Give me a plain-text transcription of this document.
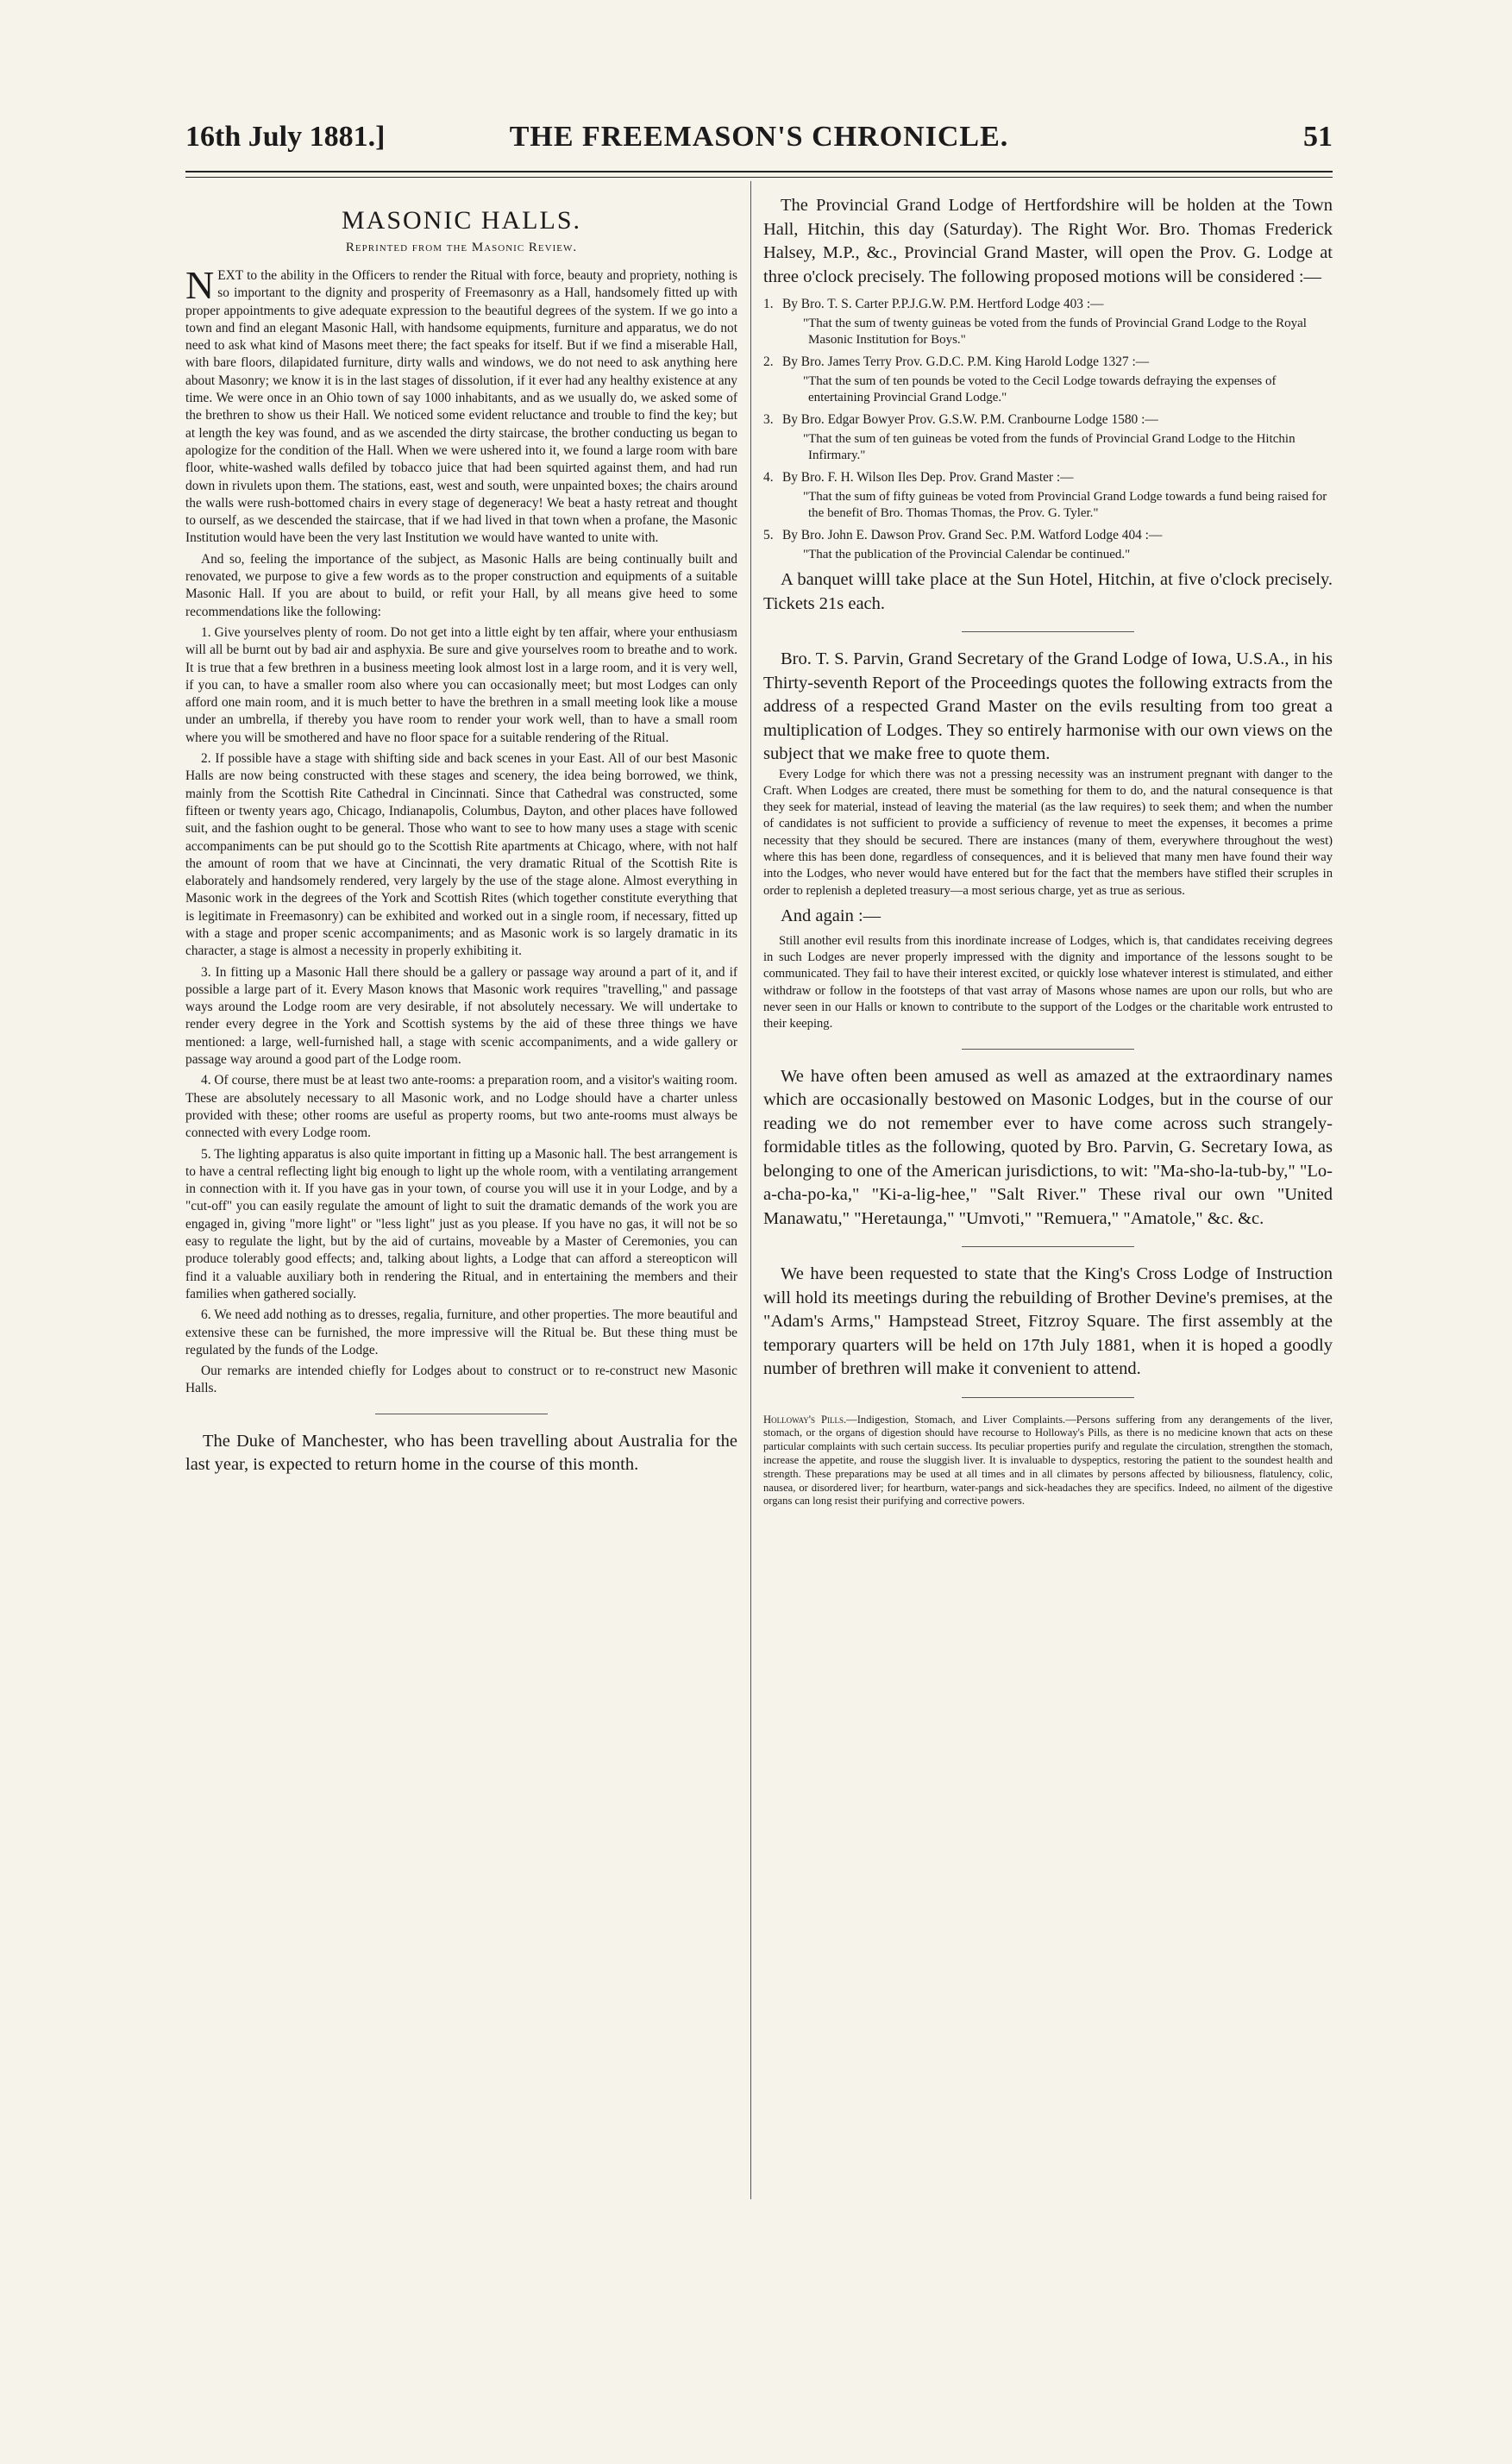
16th July 1881.]	THE FREEMASON'S CHRONICLE.	51
MASONIC HALLS.
Reprinted from the Masonic Review.

NEXT to the ability in the Officers to render the Ritual with force, beauty and propriety, nothing is so important to the dignity and prosperity of Freemasonry as a Hall, handsomely fitted up with proper appointments to give adequate expression to the beautiful degrees of the system. If we go into a town and find an elegant Masonic Hall, with handsome equipments, furniture and apparatus, we do not need to ask what kind of Masons meet there; the fact speaks for itself. But if we find a miserable Hall, with bare floors, dilapidated furniture, dirty walls and windows, we do not need to ask anything here about Masonry; we know it is in the last stages of dissolution, if it ever had any healthy existence at any time. We were once in an Ohio town of say 1000 inhabitants, and as we usually do, we asked some of the brethren to show us their Hall. We noticed some evident reluctance and trouble to find the key; but at length the key was found, and as we ascended the dirty staircase, the brother conducting us began to apologize for the condition of the Hall. When we were ushered into it, we found a large room with bare floor, white-washed walls defiled by tobacco juice that had been squirted against them, and had run down in rivulets upon them. The stations, east, west and south, were unpainted boxes; the chairs around the walls were rush-bottomed chairs in every stage of degeneracy! We beat a hasty retreat and thought to ourself, as we descended the staircase, that if we had lived in that town when a profane, the Masonic Institution would have been the very last Institution we would have wanted to unite with.

And so, feeling the importance of the subject, as Masonic Halls are being continually built and renovated, we purpose to give a few words as to the proper construction and equipments of a suitable Masonic Hall. If you are about to build, or refit your Hall, by all means give heed to some recommendations like the following:

1. Give yourselves plenty of room. Do not get into a little eight by ten affair, where your enthusiasm will all be burnt out by bad air and asphyxia. Be sure and give yourselves room to breathe and to work. It is true that a few brethren in a business meeting look almost lost in a large room, and it is very well, if you can, to have a smaller room also where you can occasionally meet; but most Lodges can only afford one main room, and it is much better to have the brethren in a small meeting look like a mouse under an umbrella, if thereby you have room to render your work well, than to have a small room where you will be smothered and have no floor space for a suitable rendering of the Ritual.

2. If possible have a stage with shifting side and back scenes in your East. All of our best Masonic Halls are now being constructed with these stages and scenery, the idea being borrowed, we think, mainly from the Scottish Rite Cathedral in Cincinnati. Since that Cathedral was constructed, some fifteen or twenty years ago, Chicago, Indianapolis, Columbus, Dayton, and other places have followed suit, and the fashion ought to be general. Those who want to see to how many uses a stage with scenic accompaniments can be put should go to the Scottish Rite apartments at Chicago, where, with not half the amount of room that we have at Cincinnati, the very dramatic Ritual of the Scottish Rite is elaborately and handsomely rendered, very largely by the use of the stage alone. Almost everything in Masonic work in the degrees of the York and Scottish Rites (which together constitute everything that is legitimate in Freemasonry) can be exhibited and worked out in a single room, if necessary, fitted up with a stage and proper scenic accompaniments; and as Masonic work is so largely dramatic in its character, a stage is almost a necessity in properly exhibiting it.

3. In fitting up a Masonic Hall there should be a gallery or passage way around a part of it, and if possible a large part of it. Every Mason knows that Masonic work requires "travelling," and passage ways around the Lodge room are very desirable, if not absolutely necessary. We will undertake to render every degree in the York and Scottish systems by the aid of these three things we have mentioned: a large, well-furnished hall, a stage with scenic accompaniments, and a wide gallery or passage way around a good part of the Lodge room.

4. Of course, there must be at least two ante-rooms: a preparation room, and a visitor's waiting room. These are absolutely necessary to all Masonic work, and no Lodge should have a charter unless provided with these; other rooms are useful as property rooms, but two ante-rooms must always be connected with every Lodge room.

5. The lighting apparatus is also quite important in fitting up a Masonic hall. The best arrangement is to have a central reflecting light big enough to light up the whole room, with a ventilating arrangement in connection with it. If you have gas in your town, of course you will use it in your Lodge, and by a "cut-off" you can easily regulate the amount of light to suit the dramatic demands of the work you are engaged in, giving "more light" or "less light" just as you please. If you have no gas, it will not be so easy to regulate the light, but by the aid of curtains, moveable by a Master of Ceremonies, you can produce tolerably good effects; and, talking about lights, a Lodge that can afford a stereopticon will find it a valuable auxiliary both in rendering the Ritual, and in entertaining the members and their families when gathered socially.

6. We need add nothing as to dresses, regalia, furniture, and other properties. The more beautiful and extensive these can be furnished, the more impressive will the Ritual be. But these thing must be regulated by the funds of the Lodge.

Our remarks are intended chiefly for Lodges about to construct or to re-construct new Masonic Halls.

The Duke of Manchester, who has been travelling about Australia for the last year, is expected to return home in the course of this month.

The Provincial Grand Lodge of Hertfordshire will be holden at the Town Hall, Hitchin, this day (Saturday). The Right Wor. Bro. Thomas Frederick Halsey, M.P., &c., Provincial Grand Master, will open the Prov. G. Lodge at three o'clock precisely. The following proposed motions will be considered :—

1. By Bro. T. S. Carter P.P.J.G.W. P.M. Hertford Lodge 403 :—
"That the sum of twenty guineas be voted from the funds of Provincial Grand Lodge to the Royal Masonic Institution for Boys."
2. By Bro. James Terry Prov. G.D.C. P.M. King Harold Lodge 1327 :—
"That the sum of ten pounds be voted to the Cecil Lodge towards defraying the expenses of entertaining Provincial Grand Lodge."
3. By Bro. Edgar Bowyer Prov. G.S.W. P.M. Cranbourne Lodge 1580 :—
"That the sum of ten guineas be voted from the funds of Provincial Grand Lodge to the Hitchin Infirmary."
4. By Bro. F. H. Wilson Iles Dep. Prov. Grand Master :—
"That the sum of fifty guineas be voted from Provincial Grand Lodge towards a fund being raised for the benefit of Bro. Thomas Thomas, the Prov. G. Tyler."
5. By Bro. John E. Dawson Prov. Grand Sec. P.M. Watford Lodge 404 :—
"That the publication of the Provincial Calendar be continued."

A banquet willl take place at the Sun Hotel, Hitchin, at five o'clock precisely. Tickets 21s each.

Bro. T. S. Parvin, Grand Secretary of the Grand Lodge of Iowa, U.S.A., in his Thirty-seventh Report of the Proceedings quotes the following extracts from the address of a respected Grand Master on the evils resulting from too great a multiplication of Lodges. They so entirely harmonise with our own views on the subject that we make free to quote them.

Every Lodge for which there was not a pressing necessity was an instrument pregnant with danger to the Craft. When Lodges are created, there must be something for them to do, and the natural consequence is that they seek for material, instead of leaving the material (as the law requires) to seek them; and when the number of candidates is not sufficient to provide a sufficiency of revenue to meet the expenses, it becomes a prime necessity that they should be secured. There are instances (many of them, everywhere throughout the west) where this has been done, regardless of consequences, and it is believed that many men have found their way into the Lodges, who never would have entered but for the fact that the members have stifled their scruples in order to replenish a depleted treasury—a most serious charge, yet as true as serious.

And again :—

Still another evil results from this inordinate increase of Lodges, which is, that candidates receiving degrees in such Lodges are never properly impressed with the dignity and importance of the lessons sought to be communicated. They fail to have their interest excited, or quickly lose whatever interest is stimulated, and either withdraw or follow in the footsteps of that vast array of Masons whose names are upon our rolls, but who are never seen in our Halls or known to contribute to the support of the Lodges or the charitable work entrusted to their keeping.

We have often been amused as well as amazed at the extraordinary names which are occasionally bestowed on Masonic Lodges, but in the course of our reading we do not remember ever to have come across such strangely-formidable titles as the following, quoted by Bro. Parvin, G. Secretary Iowa, as belonging to one of the American jurisdictions, to wit: "Ma-sho-la-tub-by," "Lo-a-cha-po-ka," "Ki-a-lig-hee," "Salt River." These rival our own "United Manawatu," "Heretaunga," "Umvoti," "Remuera," "Amatole," &c. &c.

We have been requested to state that the King's Cross Lodge of Instruction will hold its meetings during the rebuilding of Brother Devine's premises, at the "Adam's Arms," Hampstead Street, Fitzroy Square. The first assembly at the temporary quarters will be held on 17th July 1881, when it is hoped a goodly number of brethren will make it convenient to attend.

Holloway's Pills.—Indigestion, Stomach, and Liver Complaints.—Persons suffering from any derangements of the liver, stomach, or the organs of digestion should have recourse to Holloway's Pills, as there is no medicine known that acts on these particular complaints with such certain success. Its peculiar properties purify and regulate the circulation, strengthen the stomach, increase the appetite, and rouse the sluggish liver. It is invaluable to dyspeptics, restoring the patient to the soundest health and strength. These preparations may be used at all times and in all climates by persons affected by biliousness, flatulency, colic, nausea, or disordered liver; for heartburn, water-pangs and sick-headaches they are specifics. Indeed, no ailment of the digestive organs can long resist their purifying and corrective powers.
